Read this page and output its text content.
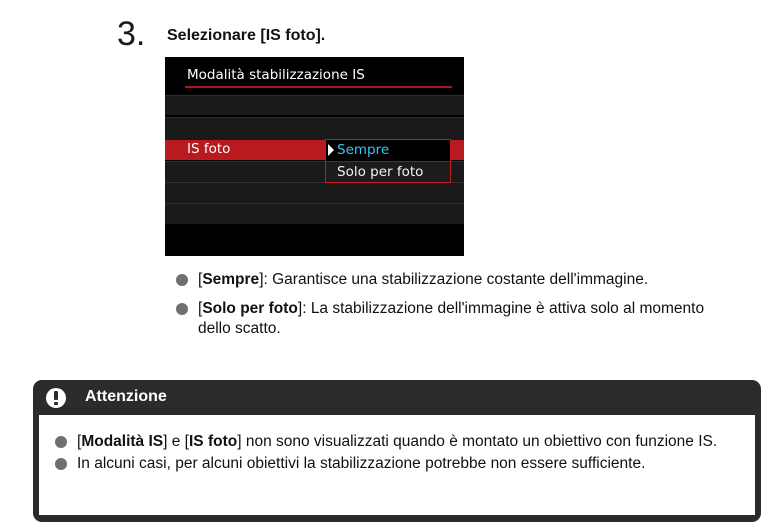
3. Selezionare [IS foto].
Modalità stabilizzazione IS
IS foto	Sempre
Solo per foto
[Sempre]: Garantisce una stabilizzazione costante dell'immagine.
[Solo per foto]: La stabilizzazione dell'immagine è attiva solo al momento dello scatto.
Attenzione
[Modalità IS] e [IS foto] non sono visualizzati quando è montato un obiettivo con funzione IS.
In alcuni casi, per alcuni obiettivi la stabilizzazione potrebbe non essere sufficiente.
